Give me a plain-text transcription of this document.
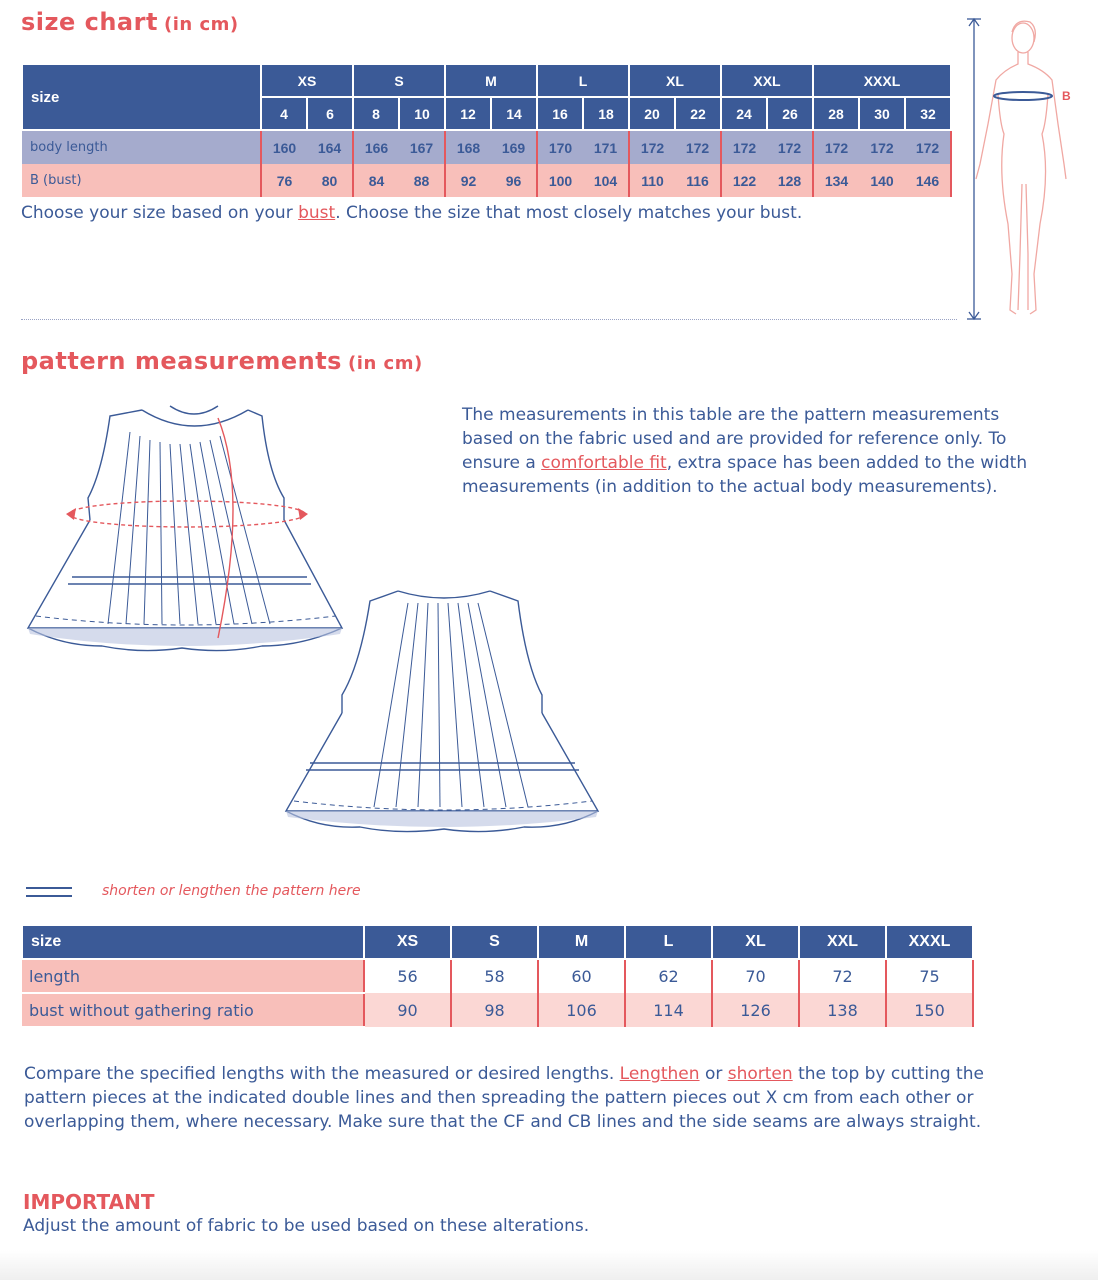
size chart (in cm)
size	XS		S		M		L		XL		XXL		XXXL		
	4	6	8	10	12	14	16	18	20	22	24	26	28	30	32
body length	160	164	166	167	168	169	170	171	172	172	172	172	172	172	172
B (bust)	76	80	84	88	92	96	100	104	110	116	122	128	134	140	146
Choose your size based on your bust. Choose the size that most closely matches your bust.
B
pattern measurements (in cm)
The measurements in this table are the pattern measurements based on the fabric used and are provided for reference only. To ensure a comfortable fit, extra space has been added to the width measurements (in addition to the actual body measurements).
shorten or lengthen the pattern here
size	XS	S	M	L	XL	XXL	XXXL
length	56	58	60	62	70	72	75
bust without gathering ratio	90	98	106	114	126	138	150
Compare the specified lengths with the measured or desired lengths. Lengthen or shorten the top by cutting the pattern pieces at the indicated double lines and then spreading the pattern pieces out X cm from each other or overlapping them, where necessary. Make sure that the CF and CB lines and the side seams are always straight.
IMPORTANT
Adjust the amount of fabric to be used based on these alterations.
